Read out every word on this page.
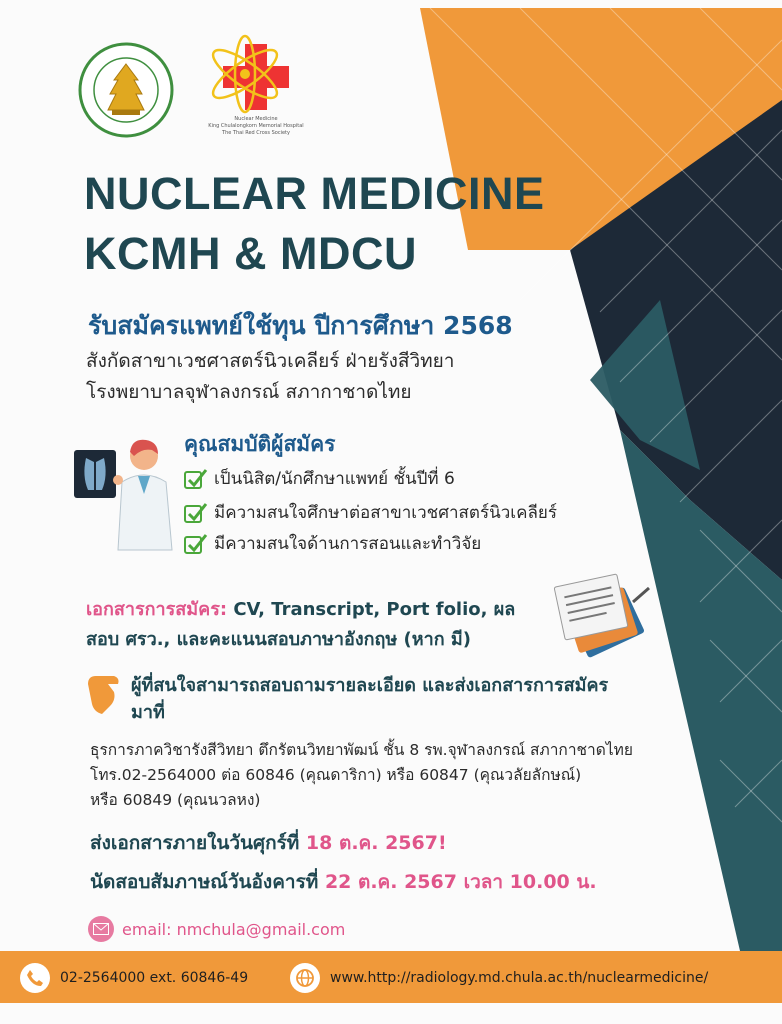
Nuclear Medicine
King Chulalongkorn Memorial Hospital
The Thai Red Cross Society
NUCLEAR MEDICINE
KCMH & MDCU
รับสมัครแพทย์ใช้ทุน ปีการศึกษา 2568
สังกัดสาขาเวชศาสตร์นิวเคลียร์ ฝ่ายรังสีวิทยา
โรงพยาบาลจุฬาลงกรณ์ สภากาชาดไทย
คุณสมบัติผู้สมัคร
เป็นนิสิต/นักศึกษาแพทย์ ชั้นปีที่ 6
มีความสนใจศึกษาต่อสาขาเวชศาสตร์นิวเคลียร์
มีความสนใจด้านการสอนและทำวิจัย
เอกสารการสมัคร: CV, Transcript, Port folio, ผลสอบ ศรว., และคะแนนสอบภาษาอังกฤษ (หาก มี)
ผู้ที่สนใจสามารถสอบถามรายละเอียด และส่งเอกสารการสมัครมาที่
ธุรการภาควิชารังสีวิทยา ตึกรัตนวิทยาพัฒน์ ชั้น 8 รพ.จุฬาลงกรณ์ สภากาชาดไทย
โทร.02-2564000 ต่อ 60846 (คุณดาริกา) หรือ 60847 (คุณวลัยลักษณ์)
หรือ 60849 (คุณนวลหง)
ส่งเอกสารภายในวันศุกร์ที่ 18 ต.ค. 2567!
นัดสอบสัมภาษณ์วันอังคารที่ 22 ต.ค. 2567 เวลา 10.00 น.
email: nmchula@gmail.com
02-2564000 ext. 60846-49	www.http://radiology.md.chula.ac.th/nuclearmedicine/
